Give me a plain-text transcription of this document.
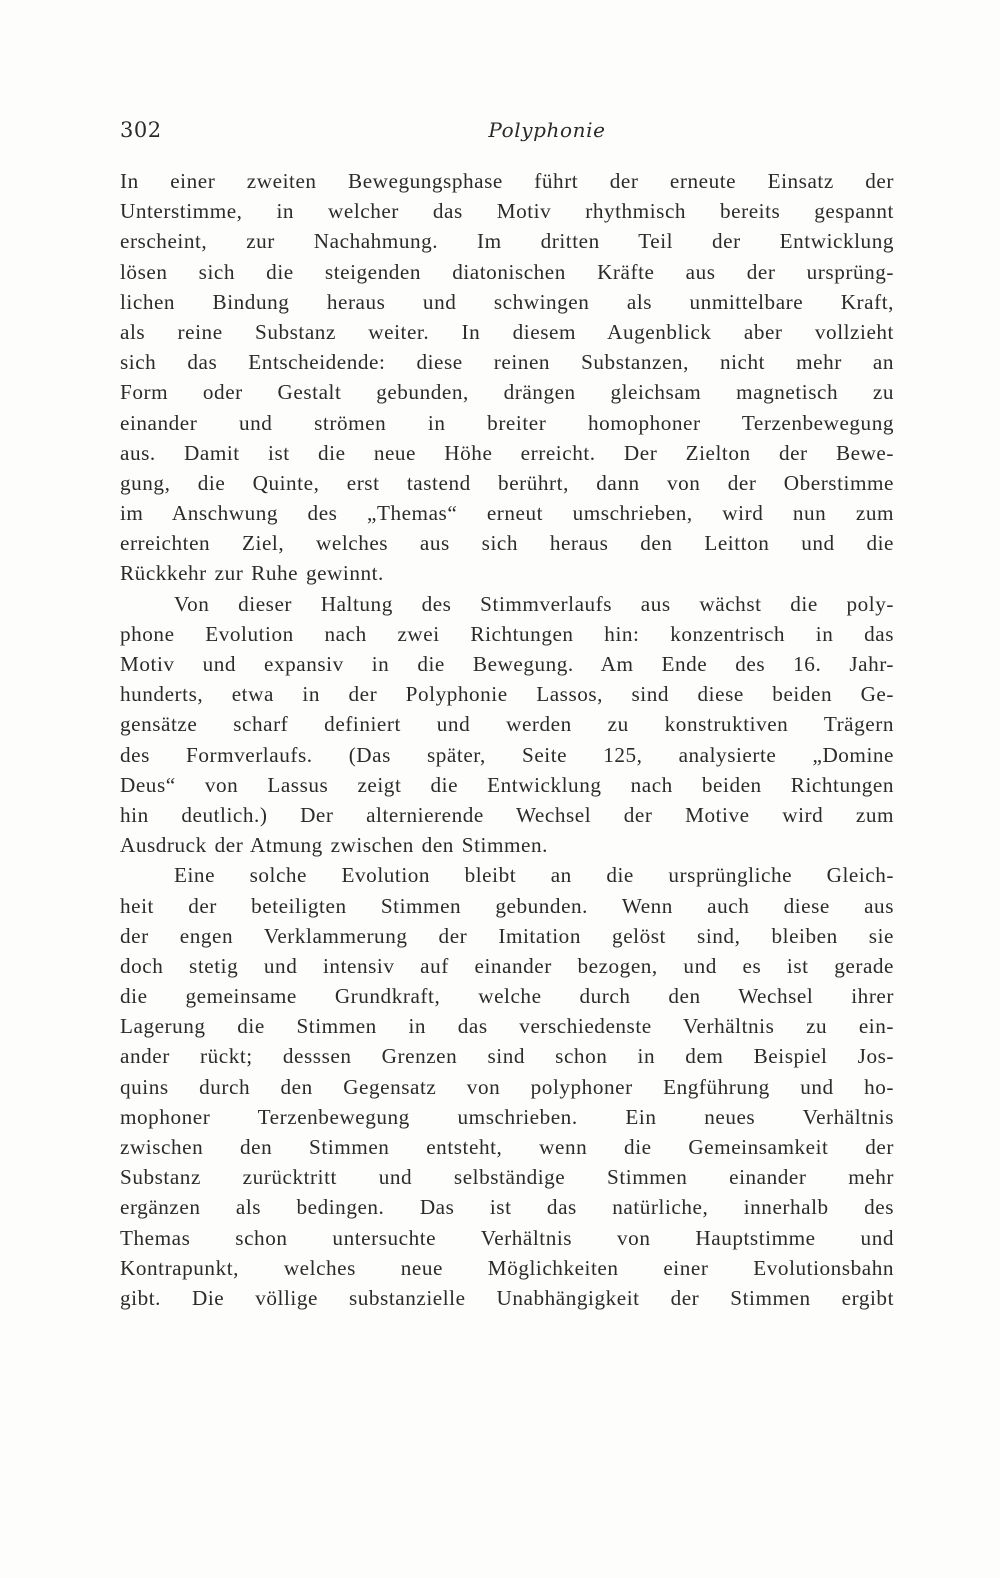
302	Polyphonie
In einer zweiten Bewegungsphase führt der erneute Einsatz der
Unterstimme, in welcher das Motiv rhythmisch bereits gespannt
erscheint, zur Nachahmung. Im dritten Teil der Entwicklung
lösen sich die steigenden diatonischen Kräfte aus der ursprüng-
lichen Bindung heraus und schwingen als unmittelbare Kraft,
als reine Substanz weiter. In diesem Augenblick aber vollzieht
sich das Entscheidende: diese reinen Substanzen, nicht mehr an
Form oder Gestalt gebunden, drängen gleichsam magnetisch zu
einander und strömen in breiter homophoner Terzenbewegung
aus. Damit ist die neue Höhe erreicht. Der Zielton der Bewe-
gung, die Quinte, erst tastend berührt, dann von der Oberstimme
im Anschwung des „Themas“ erneut umschrieben, wird nun zum
erreichten Ziel, welches aus sich heraus den Leitton und die
Rückkehr zur Ruhe gewinnt.
Von dieser Haltung des Stimmverlaufs aus wächst die poly-
phone Evolution nach zwei Richtungen hin: konzentrisch in das
Motiv und expansiv in die Bewegung. Am Ende des 16. Jahr-
hunderts, etwa in der Polyphonie Lassos, sind diese beiden Ge-
gensätze scharf definiert und werden zu konstruktiven Trägern
des Formverlaufs. (Das später, Seite 125, analysierte „Domine
Deus“ von Lassus zeigt die Entwicklung nach beiden Richtungen
hin deutlich.) Der alternierende Wechsel der Motive wird zum
Ausdruck der Atmung zwischen den Stimmen.
Eine solche Evolution bleibt an die ursprüngliche Gleich-
heit der beteiligten Stimmen gebunden. Wenn auch diese aus
der engen Verklammerung der Imitation gelöst sind, bleiben sie
doch stetig und intensiv auf einander bezogen, und es ist gerade
die gemeinsame Grundkraft, welche durch den Wechsel ihrer
Lagerung die Stimmen in das verschiedenste Verhältnis zu ein-
ander rückt; desssen Grenzen sind schon in dem Beispiel Jos-
quins durch den Gegensatz von polyphoner Engführung und ho-
mophoner Terzenbewegung umschrieben. Ein neues Verhältnis
zwischen den Stimmen entsteht, wenn die Gemeinsamkeit der
Substanz zurücktritt und selbständige Stimmen einander mehr
ergänzen als bedingen. Das ist das natürliche, innerhalb des
Themas schon untersuchte Verhältnis von Hauptstimme und
Kontrapunkt, welches neue Möglichkeiten einer Evolutionsbahn
gibt. Die völlige substanzielle Unabhängigkeit der Stimmen ergibt
